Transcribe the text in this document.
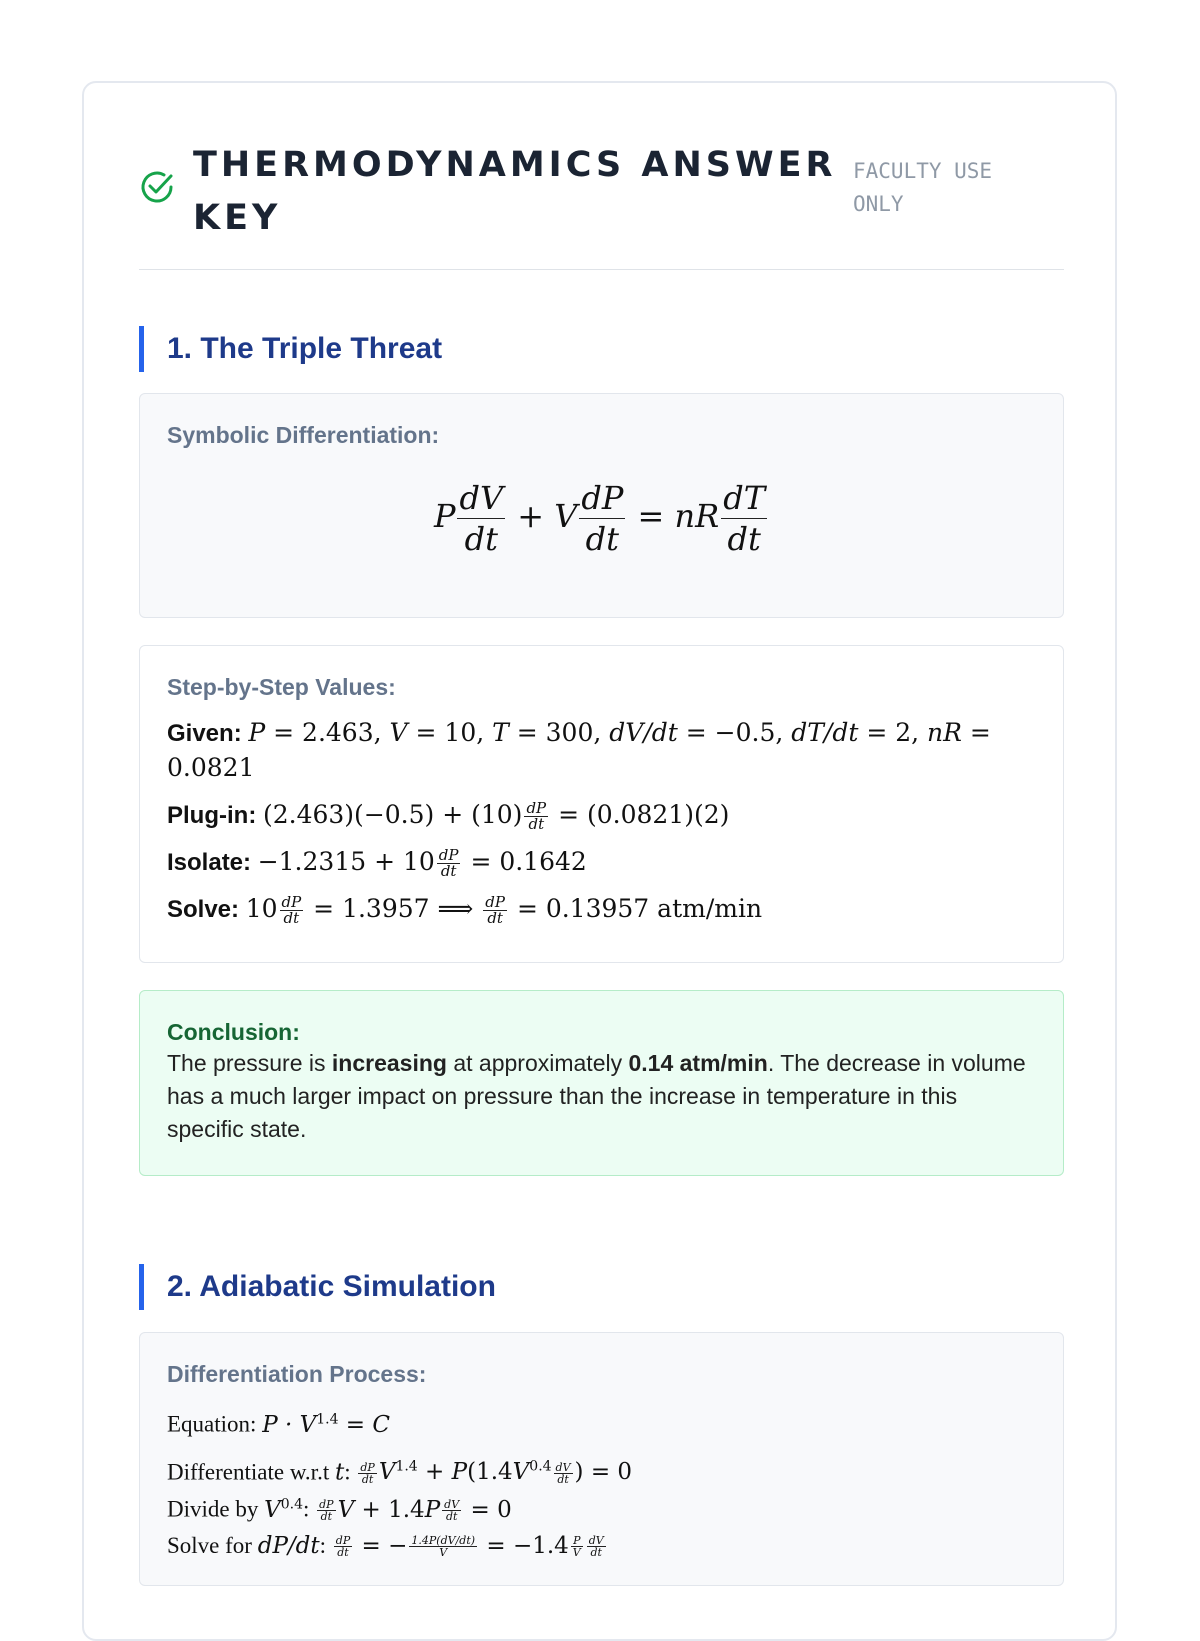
THERMODYNAMICS ANSWER KEY
FACULTY USE ONLY
1. The Triple Threat
Symbolic Differentiation:
P $\frac{dV}{dt} + V \frac{dP}{dt}$ = nR $\frac{dT}{dt}$
Step-by-Step Values:
Given: P = 2.463, V = 10, T = 300, dV/dt = −0.5, dT/dt = 2, nR = 0.0821
Plug-in: $(2.463)(-0.5) + (10) \frac{dP}{dt} = (0.0821)(2)$
Isolate: $-1.2315 + 10 \frac{dP}{dt} = 0.1642$
Solve: $10 \frac{dP}{dt} = 1.3957$ ⟹ $\frac{dP}{dt} = 0.13957$ atm/min
Conclusion:
The pressure is increasing at approximately 0.14 atm/min. The decrease in volume has a much larger impact on pressure than the increase in temperature in this specific state.
2. Adiabatic Simulation
Differentiation Process:
Equation: $P \cdot V^{1.4} = C$
Differentiate w.r.t t: $\frac{dP}{dt} V^{1.4} + P(1.4V^{0.4} \frac{dV}{dt}$ ) = 0
Divide by $V^{0.4}$: $\frac{dP}{dt}$ $V + 1.4P \frac{dV}{dt} = 0$
Solve for dP/dt: $\frac{dP}{dt}$ = − $\frac{1.4P(dV/dt)}{V} = -1.4 \frac{P}{V} \frac{dV}{dt}$
